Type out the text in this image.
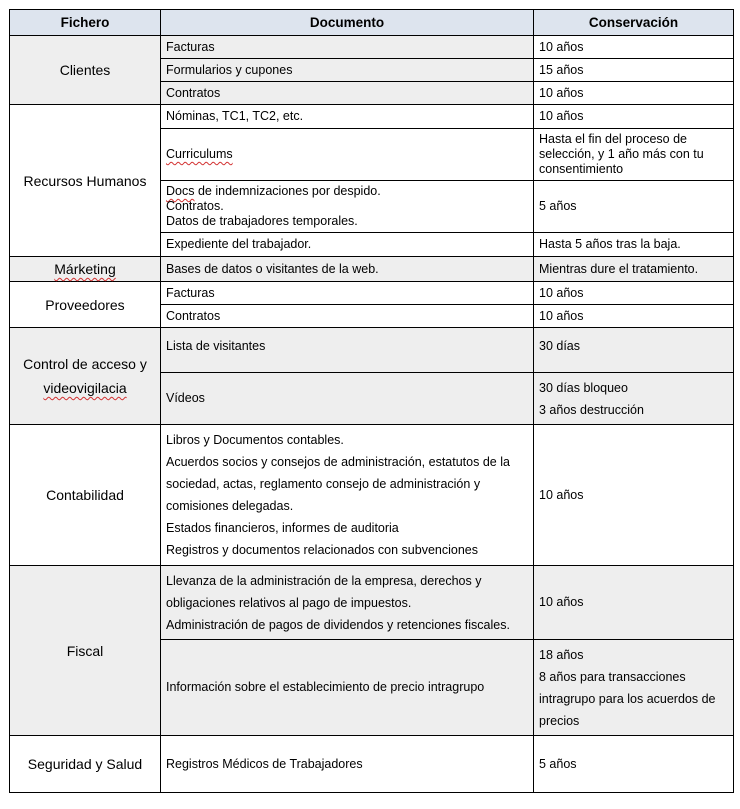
Fichero	Documento	Conservación
Clientes	Facturas	10 años

	Formularios y cupones	15 años

	Contratos	10 años

Recursos Humanos	Nóminas, TC1, TC2, etc.	10 años

	Curriculums	Hasta el fin del proceso de selección, y 1 año más con tu consentimiento

	Docs de indemnizaciones por despido.
Contratos.
Datos de trabajadores temporales.	5 años

	Expediente del trabajador.	Hasta 5 años tras la baja.

Márketing	Bases de datos o visitantes de la web.	Mientras dure el tratamiento.

Proveedores	Facturas	10 años

	Contratos	10 años

Control de acceso y
videovigilacia	Lista de visitantes	30 días

	Vídeos	30 días bloqueo
3 años destrucción

Contabilidad	Libros y Documentos contables.
Acuerdos socios y consejos de administración, estatutos de la sociedad, actas, reglamento consejo de administración y comisiones delegadas.
Estados financieros, informes de auditoria
Registros y documentos relacionados con subvenciones	10 años

Fiscal	Llevanza de la administración de la empresa, derechos y obligaciones relativos al pago de impuestos.
Administración de pagos de dividendos y retenciones fiscales.	10 años

	Información sobre el establecimiento de precio intragrupo	18 años
8 años para transacciones intragrupo para los acuerdos de precios

Seguridad y Salud	Registros Médicos de Trabajadores	5 años
